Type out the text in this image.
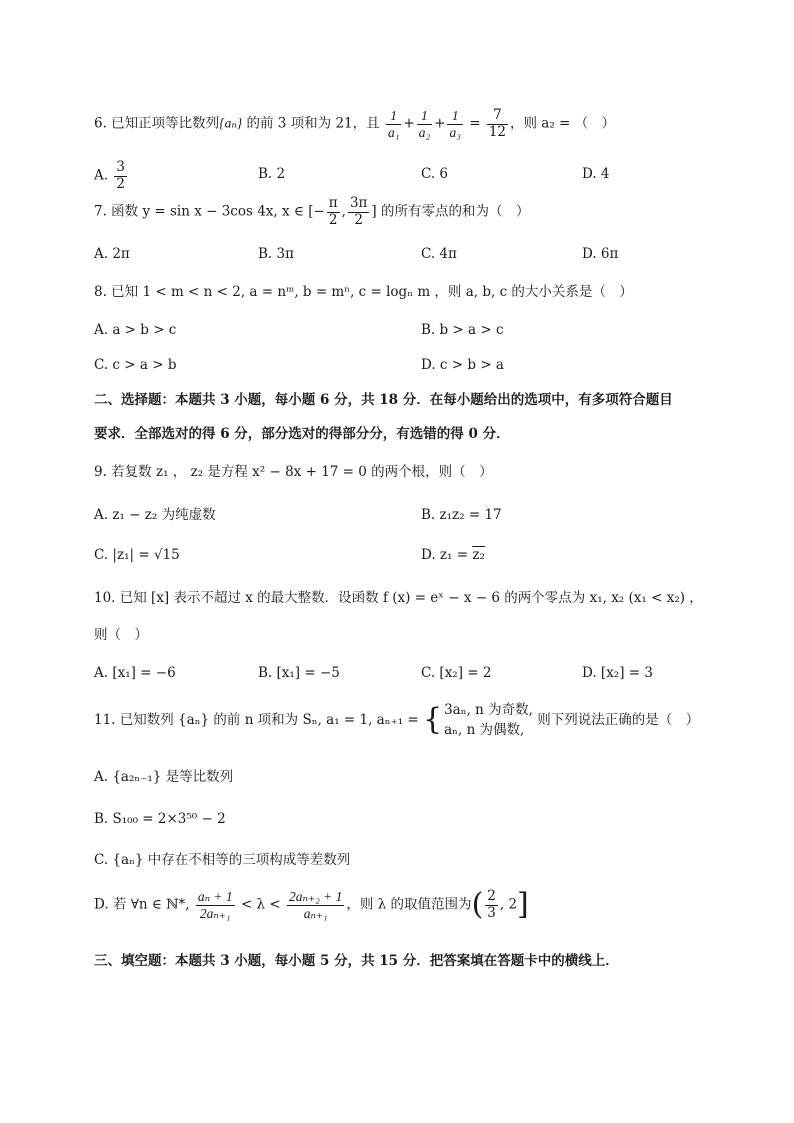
6. 已知正项等比数列{aₙ} 的前 3 项和为 21，且 $\frac{1}{\text{a₁}} + \frac{1}{\text{a₂}} + \frac{1}{\text{a₃}} = \frac{7}{12}$ ，则 a₂ = （　）
A. $\frac{3}{2}$	B. 2	C. 6	D. 4
7. 函数 y = sin x − 3cos 4x, x ∈ [− $\frac{\pi}{2}$ , $\frac{3\pi}{2}$ ] 的所有零点的和为（　）
A. 2π	B. 3π	C. 4π	D. 6π
8. 已知 1 < m < n < 2, a = nᵐ, b = mⁿ, c = logₙ m ，则 a, b, c 的大小关系是（　）
A. a > b > c	B. b > a > c
C. c > a > b	D. c > b > a
二、选择题：本题共 3 小题，每小题 6 分，共 18 分．在每小题给出的选项中，有多项符合题目
要求．全部选对的得 6 分，部分选对的得部分分，有选错的得 0 分．
9. 若复数 z₁ ， z₂ 是方程 x² − 8x + 17 = 0 的两个根，则（　）
A. z₁ − z₂ 为纯虚数	B. z₁z₂ = 17
C. |z₁| = √15	D. z₁ = z₂
10. 已知 [x] 表示不超过 x 的最大整数．设函数 f (x) = eˣ − x − 6 的两个零点为 x₁, x₂ (x₁ < x₂) ，
则（　）
A. [x₁] = −6	B. [x₁] = −5	C. [x₂] = 2	D. [x₂] = 3
11. 已知数列 {aₙ} 的前 n 项和为 Sₙ, a₁ = 1, aₙ₊₁ = { 3aₙ, n 为奇数,
aₙ, n 为偶数,
则下列说法正确的是（　）
A. {a₂ₙ₋₁} 是等比数列
B. S₁₀₀ = 2×3⁵⁰ − 2
C. {aₙ} 中存在不相等的三项构成等差数列
D. 若 ∀n ∈ ℕ*, $\frac{\text{aₙ + 1}}{\text{2aₙ₊₁}} < \lambda < \frac{\text{2aₙ₊₂ + 1}}{\text{aₙ₊₁}}$ ，则 λ 的取值范围为( $\frac{2}{3}$ , 2]
三、填空题：本题共 3 小题，每小题 5 分，共 15 分．把答案填在答题卡中的横线上．
